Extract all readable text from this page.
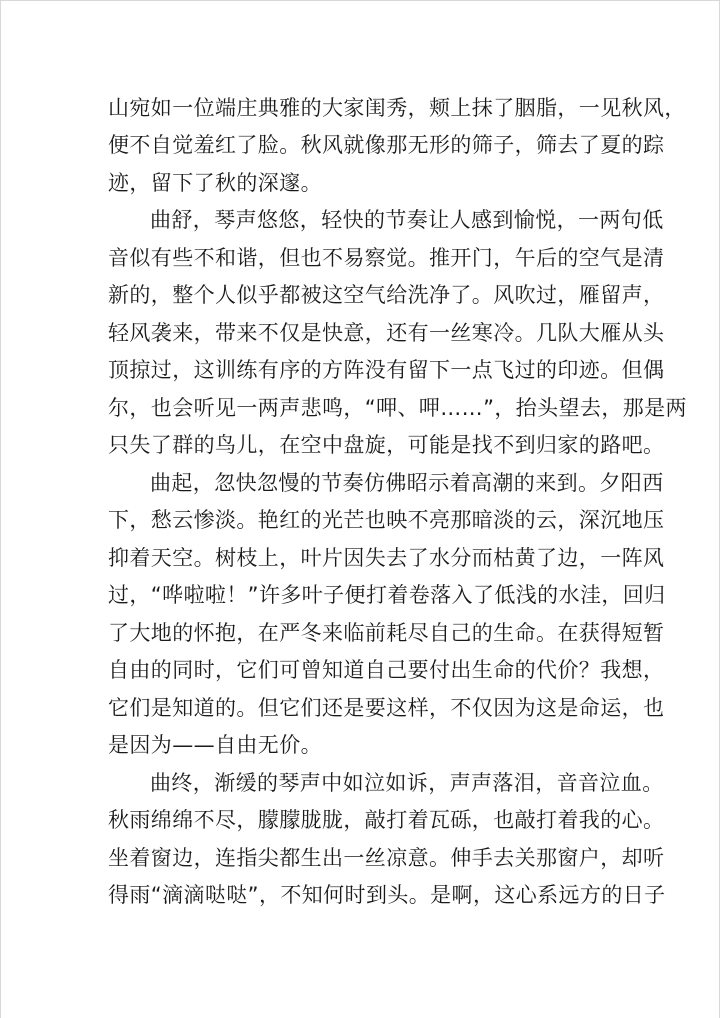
山宛如一位端庄典雅的大家闺秀，颊上抹了胭脂，一见秋风，
便不自觉羞红了脸。秋风就像那无形的筛子，筛去了夏的踪
迹，留下了秋的深邃。
曲舒，琴声悠悠，轻快的节奏让人感到愉悦，一两句低
音似有些不和谐，但也不易察觉。推开门，午后的空气是清
新的，整个人似乎都被这空气给洗净了。风吹过，雁留声，
轻风袭来，带来不仅是快意，还有一丝寒冷。几队大雁从头
顶掠过，这训练有序的方阵没有留下一点飞过的印迹。但偶
尔，也会听见一两声悲鸣，“呷、呷……”，抬头望去，那是两
只失了群的鸟儿，在空中盘旋，可能是找不到归家的路吧。
曲起，忽快忽慢的节奏仿佛昭示着高潮的来到。夕阳西
下，愁云惨淡。艳红的光芒也映不亮那暗淡的云，深沉地压
抑着天空。树枝上，叶片因失去了水分而枯黄了边，一阵风
过，“哗啦啦！”许多叶子便打着卷落入了低浅的水洼，回归
了大地的怀抱，在严冬来临前耗尽自己的生命。在获得短暂
自由的同时，它们可曾知道自己要付出生命的代价？我想，
它们是知道的。但它们还是要这样，不仅因为这是命运，也
是因为——自由无价。
曲终，渐缓的琴声中如泣如诉，声声落泪，音音泣血。
秋雨绵绵不尽，朦朦胧胧，敲打着瓦砾，也敲打着我的心。
坐着窗边，连指尖都生出一丝凉意。伸手去关那窗户，却听
得雨“滴滴哒哒”，不知何时到头。是啊，这心系远方的日子
